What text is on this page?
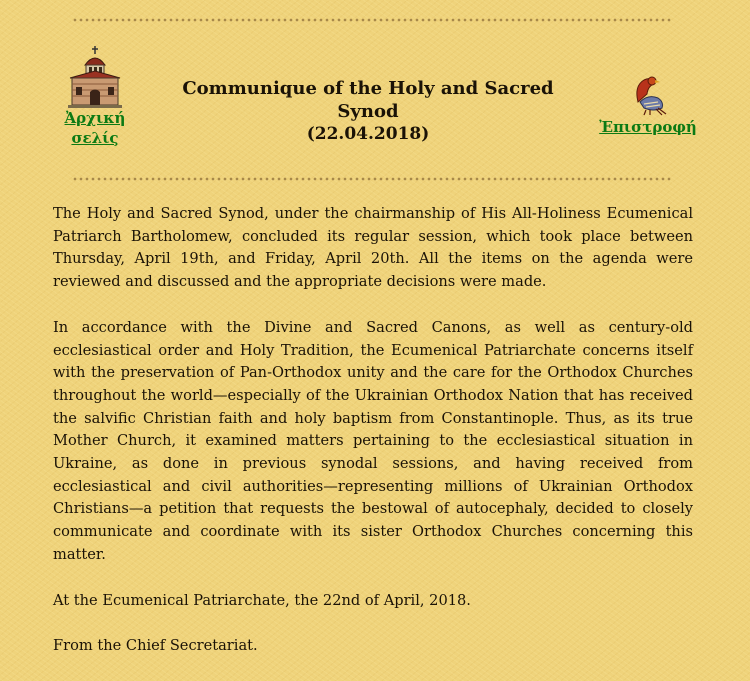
Ἀρχική
σελίς

Communique of the Holy and Sacred Synod

(22.04.2018)	Ἐπιστροφή

The Holy and Sacred Synod, under the chairmanship of His All-Holiness Ecumenical Patriarch Bartholomew, concluded its regular session, which took place between Thursday, April 19th, and Friday, April 20th. All the items on the agenda were reviewed and discussed and the appropriate decisions were made.

In accordance with the Divine and Sacred Canons, as well as century-old ecclesiastical order and Holy Tradition, the Ecumenical Patriarchate concerns itself with the preservation of Pan-Orthodox unity and the care for the Orthodox Churches throughout the world—especially of the Ukrainian Orthodox Nation that has received the salvific Christian faith and holy baptism from Constantinople. Thus, as its true Mother Church, it examined matters pertaining to the ecclesiastical situation in Ukraine, as done in previous synodal sessions, and having received from ecclesiastical and civil authorities—representing millions of Ukrainian Orthodox Christians—a petition that requests the bestowal of autocephaly, decided to closely communicate and coordinate with its sister Orthodox Churches concerning this matter.

At the Ecumenical Patriarchate, the 22nd of April, 2018.

From the Chief Secretariat.
